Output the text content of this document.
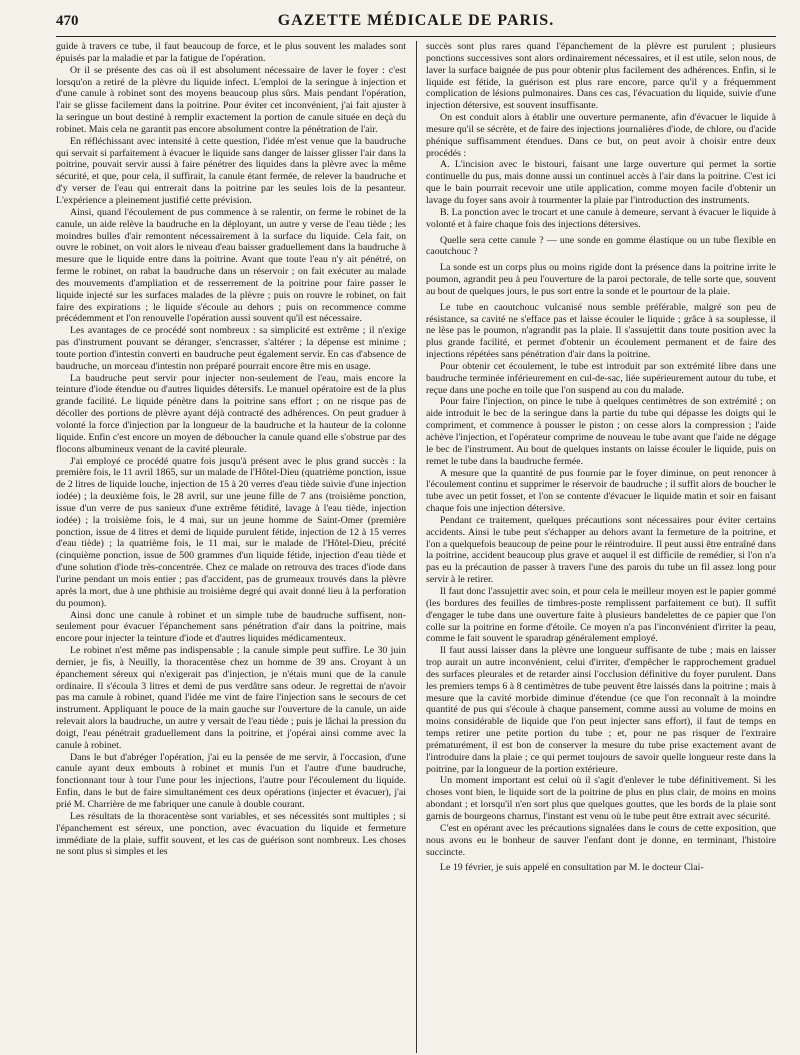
470	GAZETTE MÉDICALE DE PARIS.

guide à travers ce tube, il faut beaucoup de force, et le plus souvent les malades sont épuisés par la maladie et par la fatigue de l'opération.

Or il se présente des cas où il est absolument nécessaire de laver le foyer : c'est lorsqu'on a retiré de la plèvre du liquide infect. L'emploi de la seringue à injection et d'une canule à robinet sont des moyens beaucoup plus sûrs. Mais pendant l'opération, l'air se glisse facilement dans la poitrine. Pour éviter cet inconvénient, j'ai fait ajuster à la seringue un bout destiné à remplir exactement la portion de canule située en deçà du robinet. Mais cela ne garantit pas encore absolument contre la pénétration de l'air.

En réfléchissant avec intensité à cette question, l'idée m'est venue que la baudruche qui servait si parfaitement à évacuer le liquide sans danger de laisser glisser l'air dans la poitrine, pouvait servir aussi à faire pénétrer des liquides dans la plèvre avec la même sécurité, et que, pour cela, il suffirait, la canule étant fermée, de relever la baudruche et d'y verser de l'eau qui entrerait dans la poitrine par les seules lois de la pesanteur. L'expérience a pleinement justifié cette prévision.

Ainsi, quand l'écoulement de pus commence à se ralentir, on ferme le robinet de la canule, un aide relève la baudruche en la déployant, un autre y verse de l'eau tiède ; les moindres bulles d'air remontent nécessairement à la surface du liquide. Cela fait, on ouvre le robinet, on voit alors le niveau d'eau baisser graduellement dans la baudruche à mesure que le liquide entre dans la poitrine. Avant que toute l'eau n'y ait pénétré, on ferme le robinet, on rabat la baudruche dans un réservoir ; on fait exécuter au malade des mouvements d'ampliation et de resserrement de la poitrine pour faire passer le liquide injecté sur les surfaces malades de la plèvre ; puis on rouvre le robinet, on fait faire des expirations ; le liquide s'écoule au dehors ; puis on recommence comme précédemment et l'on renouvelle l'opération aussi souvent qu'il est nécessaire.

Les avantages de ce procédé sont nombreux : sa simplicité est extrême ; il n'exige pas d'instrument pouvant se déranger, s'encrasser, s'altérer ; la dépense est minime ; toute portion d'intestin converti en baudruche peut également servir. En cas d'absence de baudruche, un morceau d'intestin non préparé pourrait encore être mis en usage.

La baudruche peut servir pour injecter non-seulement de l'eau, mais encore la teinture d'iode étendue ou d'autres liquides détersifs. Le manuel opératoire est de la plus grande facilité. Le liquide pénètre dans la poitrine sans effort ; on ne risque pas de décoller des portions de plèvre ayant déjà contracté des adhérences. On peut graduer à volonté la force d'injection par la longueur de la baudruche et la hauteur de la colonne liquide. Enfin c'est encore un moyen de déboucher la canule quand elle s'obstrue par des flocons albumineux venant de la cavité pleurale.

J'ai employé ce procédé quatre fois jusqu'à présent avec le plus grand succès : la première fois, le 11 avril 1865, sur un malade de l'Hôtel-Dieu (quatrième ponction, issue de 2 litres de liquide louche, injection de 15 à 20 verres d'eau tiède suivie d'une injection iodée) ; la deuxième fois, le 28 avril, sur une jeune fille de 7 ans (troisième ponction, issue d'un verre de pus sanieux d'une extrême fétidité, lavage à l'eau tiède, injection iodée) ; la troisième fois, le 4 mai, sur un jeune homme de Saint-Omer (première ponction, issue de 4 litres et demi de liquide purulent fétide, injection de 12 à 15 verres d'eau tiède) ; la quatrième fois, le 11 mai, sur le malade de l'Hôtel-Dieu, précité (cinquième ponction, issue de 500 grammes d'un liquide fétide, injection d'eau tiède et d'une solution d'iode très-concentrée. Chez ce malade on retrouva des traces d'iode dans l'urine pendant un mois entier ; pas d'accident, pas de grumeaux trouvés dans la plèvre après la mort, due à une phthisie au troisième degré qui avait donné lieu à la perforation du poumon).

Ainsi donc une canule à robinet et un simple tube de baudruche suffisent, non-seulement pour évacuer l'épanchement sans pénétration d'air dans la poitrine, mais encore pour injecter la teinture d'iode et d'autres liquides médicamenteux.

Le robinet n'est même pas indispensable ; la canule simple peut suffire. Le 30 juin dernier, je fis, à Neuilly, la thoracentèse chez un homme de 39 ans. Croyant à un épanchement séreux qui n'exigerait pas d'injection, je n'étais muni que de la canule ordinaire. Il s'écoula 3 litres et demi de pus verdâtre sans odeur. Je regrettai de n'avoir pas ma canule à robinet, quand l'idée me vint de faire l'injection sans le secours de cet instrument. Appliquant le pouce de la main gauche sur l'ouverture de la canule, un aide relevait alors la baudruche, un autre y versait de l'eau tiède ; puis je lâchai la pression du doigt, l'eau pénétrait graduellement dans la poitrine, et j'opérai ainsi comme avec la canule à robinet.

Dans le but d'abréger l'opération, j'ai eu la pensée de me servir, à l'occasion, d'une canule ayant deux embouts à robinet et munis l'un et l'autre d'une baudruche, fonctionnant tour à tour l'une pour les injections, l'autre pour l'écoulement du liquide. Enfin, dans le but de faire simultanément ces deux opérations (injecter et évacuer), j'ai prié M. Charrière de me fabriquer une canule à double courant.

Les résultats de la thoracentèse sont variables, et ses nécessités sont multiples ; si l'épanchement est séreux, une ponction, avec évacuation du liquide et fermeture immédiate de la plaie, suffit souvent, et les cas de guérison sont nombreux. Les choses ne sont plus si simples et les

succès sont plus rares quand l'épanchement de la plèvre est purulent ; plusieurs ponctions successives sont alors ordinairement nécessaires, et il est utile, selon nous, de laver la surface baignée de pus pour obtenir plus facilement des adhérences. Enfin, si le liquide est fétide, la guérison est plus rare encore, parce qu'il y a fréquemment complication de lésions pulmonaires. Dans ces cas, l'évacuation du liquide, suivie d'une injection détersive, est souvent insuffisante.

On est conduit alors à établir une ouverture permanente, afin d'évacuer le liquide à mesure qu'il se sécrète, et de faire des injections journalières d'iode, de chlore, ou d'acide phénique suffisamment étendues. Dans ce but, on peut avoir à choisir entre deux procédés :

A. L'incision avec le bistouri, faisant une large ouverture qui permet la sortie continuelle du pus, mais donne aussi un continuel accès à l'air dans la poitrine. C'est ici que le bain pourrait recevoir une utile application, comme moyen facile d'obtenir un lavage du foyer sans avoir à tourmenter la plaie par l'introduction des instruments.

B. La ponction avec le trocart et une canule à demeure, servant à évacuer le liquide à volonté et à faire chaque fois des injections détersives.

Quelle sera cette canule ? — une sonde en gomme élastique ou un tube flexible en caoutchouc ?

La sonde est un corps plus ou moins rigide dont la présence dans la poitrine irrite le poumon, agrandit peu à peu l'ouverture de la paroi pectorale, de telle sorte que, souvent au bout de quelques jours, le pus sort entre la sonde et le pourtour de la plaie.

Le tube en caoutchouc vulcanisé nous semble préférable, malgré son peu de résistance, sa cavité ne s'efface pas et laisse écouler le liquide ; grâce à sa souplesse, il ne lèse pas le poumon, n'agrandit pas la plaie. Il s'assujettit dans toute position avec la plus grande facilité, et permet d'obtenir un écoulement permanent et de faire des injections répétées sans pénétration d'air dans la poitrine.

Pour obtenir cet écoulement, le tube est introduit par son extrémité libre dans une baudruche terminée inférieurement en cul-de-sac, liée supérieurement autour du tube, et reçue dans une poche en toile que l'on suspend au cou du malade.

Pour faire l'injection, on pince le tube à quelques centimètres de son extrémité ; on aide introduit le bec de la seringue dans la partie du tube qui dépasse les doigts qui le compriment, et commence à pousser le piston ; on cesse alors la compression ; l'aide achève l'injection, et l'opérateur comprime de nouveau le tube avant que l'aide ne dégage le bec de l'instrument. Au bout de quelques instants on laisse écouler le liquide, puis on remet le tube dans la baudruche fermée.

A mesure que la quantité de pus fournie par le foyer diminue, on peut renoncer à l'écoulement continu et supprimer le réservoir de baudruche ; il suffit alors de boucher le tube avec un petit fosset, et l'on se contente d'évacuer le liquide matin et soir en faisant chaque fois une injection détersive.

Pendant ce traitement, quelques précautions sont nécessaires pour éviter certains accidents. Ainsi le tube peut s'échapper au dehors avant la fermeture de la poitrine, et l'on a quelquefois beaucoup de peine pour le réintroduire. Il peut aussi être entraîné dans la poitrine, accident beaucoup plus grave et auquel il est difficile de remédier, si l'on n'a pas eu la précaution de passer à travers l'une des parois du tube un fil assez long pour servir à le retirer.

Il faut donc l'assujettir avec soin, et pour cela le meilleur moyen est le papier gommé (les bordures des feuilles de timbres-poste remplissent parfaitement ce but). Il suffit d'engager le tube dans une ouverture faite à plusieurs bandelettes de ce papier que l'on colle sur la poitrine en forme d'étoile. Ce moyen n'a pas l'inconvénient d'irriter la peau, comme le fait souvent le sparadrap généralement employé.

Il faut aussi laisser dans la plèvre une longueur suffisante de tube ; mais en laisser trop aurait un autre inconvénient, celui d'irriter, d'empêcher le rapprochement graduel des surfaces pleurales et de retarder ainsi l'occlusion définitive du foyer purulent. Dans les premiers temps 6 à 8 centimètres de tube peuvent être laissés dans la poitrine ; mais à mesure que la cavité morbide diminue d'étendue (ce que l'on reconnaît à la moindre quantité de pus qui s'écoule à chaque pansement, comme aussi au volume de moins en moins considérable de liquide que l'on peut injecter sans effort), il faut de temps en temps retirer une petite portion du tube ; et, pour ne pas risquer de l'extraire prématurément, il est bon de conserver la mesure du tube prise exactement avant de l'introduire dans la plaie ; ce qui permet toujours de savoir quelle longueur reste dans la poitrine, par la longueur de la portion extérieure.

Un moment important est celui où il s'agit d'enlever le tube définitivement. Si les choses vont bien, le liquide sort de la poitrine de plus en plus clair, de moins en moins abondant ; et lorsqu'il n'en sort plus que quelques gouttes, que les bords de la plaie sont garnis de bourgeons charnus, l'instant est venu où le tube peut être extrait avec sécurité.

C'est en opérant avec les précautions signalées dans le cours de cette exposition, que nous avons eu le bonheur de sauver l'enfant dont je donne, en terminant, l'histoire succincte.

Le 19 février, je suis appelé en consultation par M. le docteur Clai-
